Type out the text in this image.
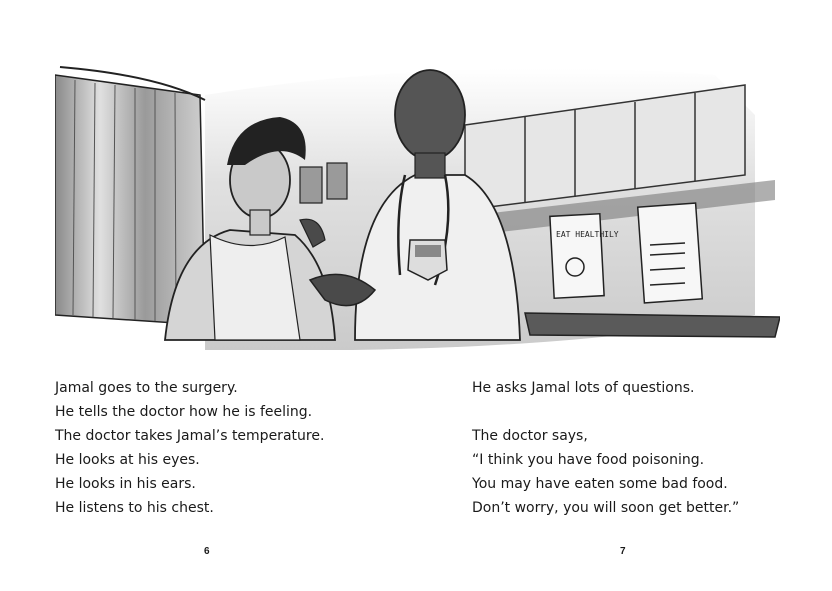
EAT HEALTHILY
Jamal goes to the surgery.
He tells the doctor how he is feeling.
The doctor takes Jamal’s temperature.
He looks at his eyes.
He looks in his ears.
He listens to his chest.
He asks Jamal lots of questions.
The doctor says,
“I think you have food poisoning.
You may have eaten some bad food.
Don’t worry, you will soon get better.”
6	7
